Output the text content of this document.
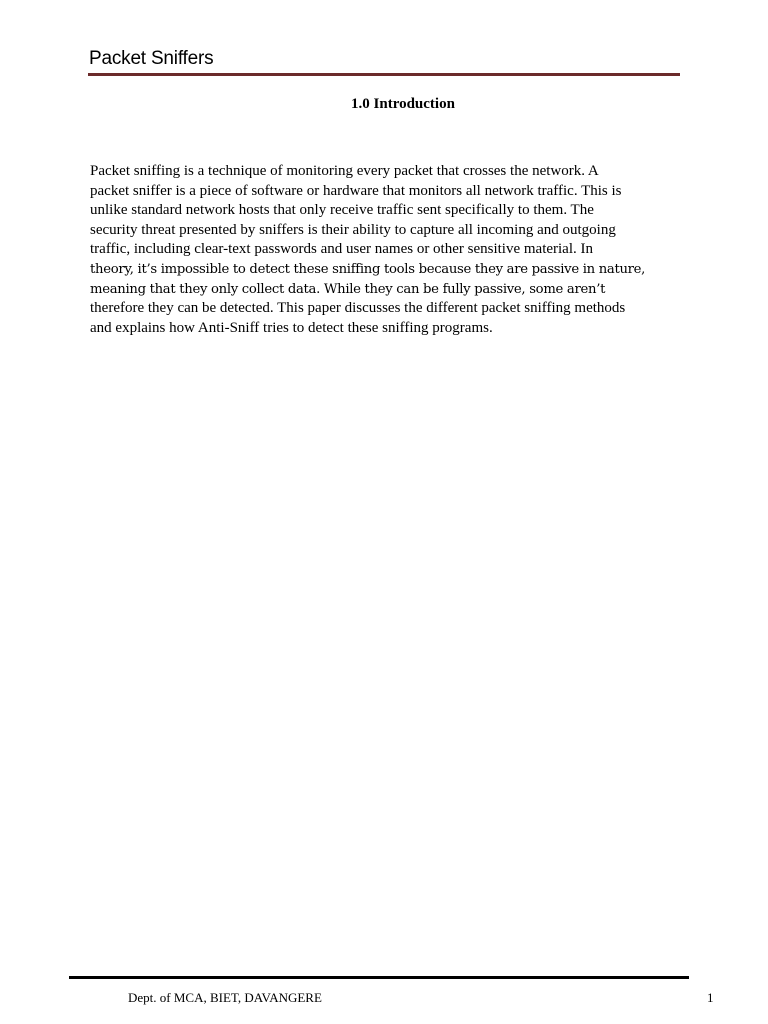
Packet Sniffers
1.0 Introduction
Packet sniffing is a technique of monitoring every packet that crosses the network. A
packet sniffer is a piece of software or hardware that monitors all network traffic. This is
unlike standard network hosts that only receive traffic sent specifically to them. The
security threat presented by sniffers is their ability to capture all incoming and outgoing
traffic, including clear-text passwords and user names or other sensitive material. In
theory, it’s impossible to detect these sniffing tools because they are passive in nature,
meaning that they only collect data. While they can be fully passive, some aren’t
therefore they can be detected. This paper discusses the different packet sniffing methods
and explains how Anti-Sniff tries to detect these sniffing programs.
Dept. of MCA, BIET, DAVANGERE	1
